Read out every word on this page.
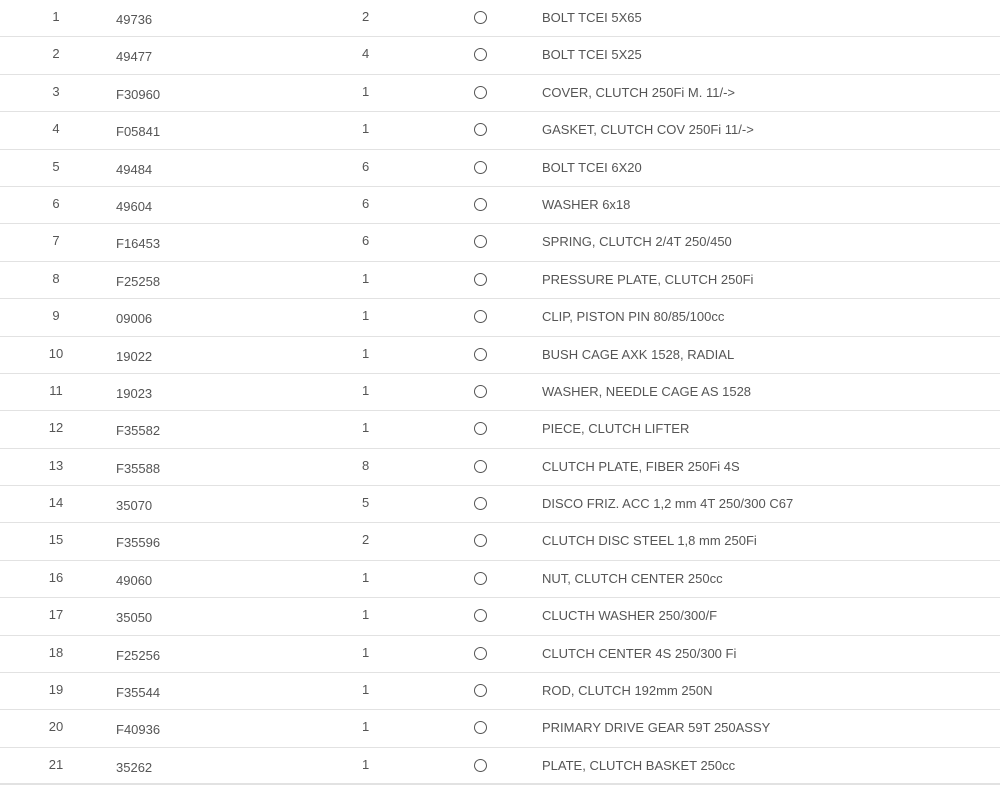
1	49736	2	BOLT TCEI 5X65
2	49477	4	BOLT TCEI 5X25
3	F30960	1	COVER, CLUTCH 250Fi M. 11/->
4	F05841	1	GASKET, CLUTCH COV 250Fi 11/->
5	49484	6	BOLT TCEI 6X20
6	49604	6	WASHER 6x18
7	F16453	6	SPRING, CLUTCH 2/4T 250/450
8	F25258	1	PRESSURE PLATE, CLUTCH 250Fi
9	09006	1	CLIP, PISTON PIN 80/85/100cc
10	19022	1	BUSH CAGE AXK 1528, RADIAL
11	19023	1	WASHER, NEEDLE CAGE AS 1528
12	F35582	1	PIECE, CLUTCH LIFTER
13	F35588	8	CLUTCH PLATE, FIBER 250Fi 4S
14	35070	5	DISCO FRIZ. ACC 1,2 mm 4T 250/300 C67
15	F35596	2	CLUTCH DISC STEEL 1,8 mm 250Fi
16	49060	1	NUT, CLUTCH CENTER 250cc
17	35050	1	CLUCTH WASHER 250/300/F
18	F25256	1	CLUTCH CENTER 4S 250/300 Fi
19	F35544	1	ROD, CLUTCH 192mm 250N
20	F40936	1	PRIMARY DRIVE GEAR 59T 250ASSY
21	35262	1	PLATE, CLUTCH BASKET 250cc
